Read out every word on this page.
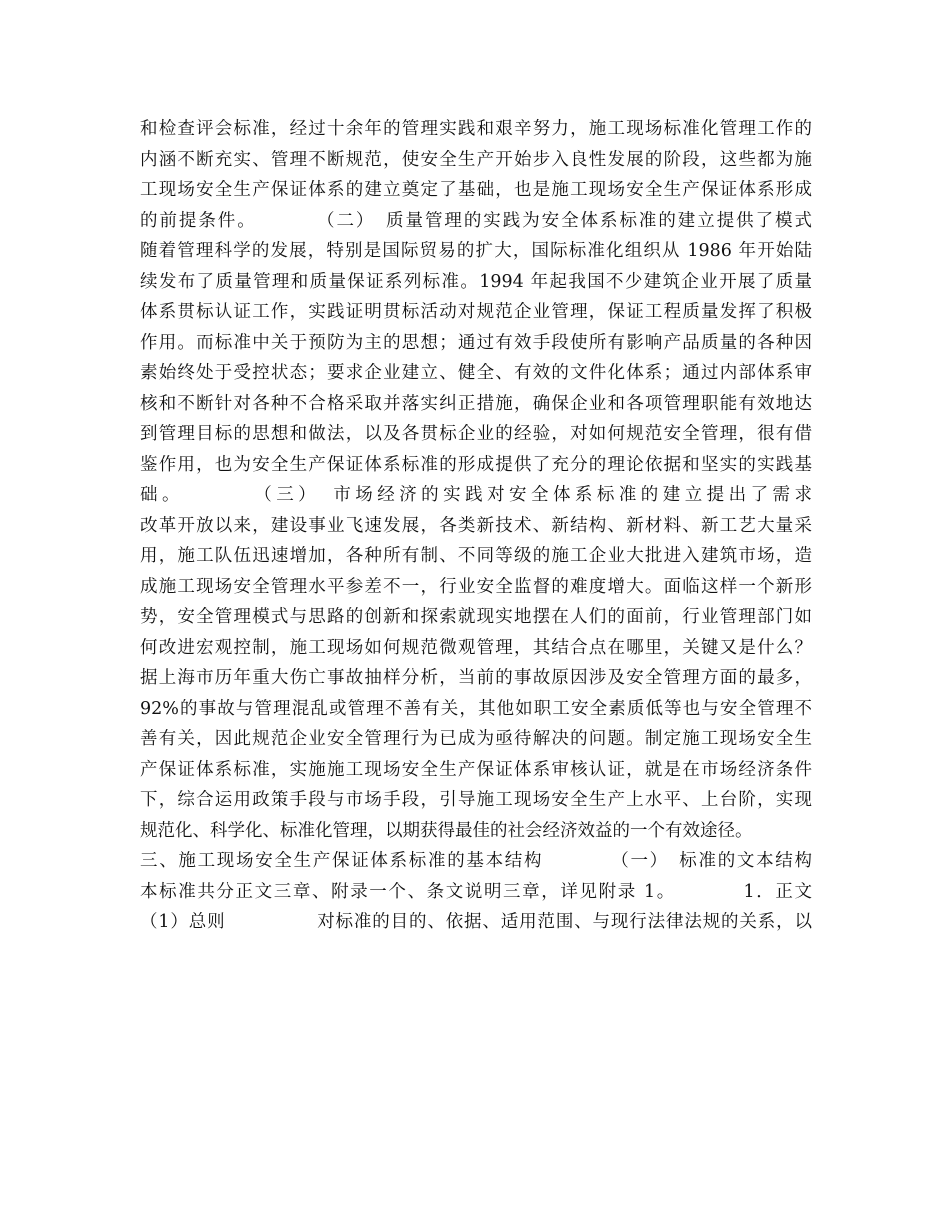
和检查评会标准，经过十余年的管理实践和艰辛努力，施工现场标准化管理工作的
内涵不断充实、管理不断规范，使安全生产开始步入良性发展的阶段，这些都为施
工现场安全生产保证体系的建立奠定了基础，也是施工现场安全生产保证体系形成
的前提条件。　　　　（二）　质量管理的实践为安全体系标准的建立提供了模式
随着管理科学的发展，特别是国际贸易的扩大，国际标准化组织从 1986 年开始陆
续发布了质量管理和质量保证系列标准。1994 年起我国不少建筑企业开展了质量
体系贯标认证工作，实践证明贯标活动对规范企业管理，保证工程质量发挥了积极
作用。而标准中关于预防为主的思想；通过有效手段使所有影响产品质量的各种因
素始终处于受控状态；要求企业建立、健全、有效的文件化体系；通过内部体系审
核和不断针对各种不合格采取并落实纠正措施，确保企业和各项管理职能有效地达
到管理目标的思想和做法，以及各贯标企业的经验，对如何规范安全管理，很有借
鉴作用，也为安全生产保证体系标准的形成提供了充分的理论依据和坚实的实践基
础。　　　　（三）　市场经济的实践对安全体系标准的建立提出了需求
改革开放以来，建设事业飞速发展，各类新技术、新结构、新材料、新工艺大量采
用，施工队伍迅速增加，各种所有制、不同等级的施工企业大批进入建筑市场，造
成施工现场安全管理水平参差不一，行业安全监督的难度增大。面临这样一个新形
势，安全管理模式与思路的创新和探索就现实地摆在人们的面前，行业管理部门如
何改进宏观控制，施工现场如何规范微观管理，其结合点在哪里，关键又是什么？
据上海市历年重大伤亡事故抽样分析，当前的事故原因涉及安全管理方面的最多，
92%的事故与管理混乱或管理不善有关，其他如职工安全素质低等也与安全管理不
善有关，因此规范企业安全管理行为已成为亟待解决的问题。制定施工现场安全生
产保证体系标准，实施施工现场安全生产保证体系审核认证，就是在市场经济条件
下，综合运用政策手段与市场手段，引导施工现场安全生产上水平、上台阶，实现
规范化、科学化、标准化管理，以期获得最佳的社会经济效益的一个有效途径。
三、施工现场安全生产保证体系标准的基本结构　　　　（一）　标准的文本结构
本标准共分正文三章、附录一个、条文说明三章，详见附录 1。　　　　1．正文
（1）总则　　　　　对标准的目的、依据、适用范围、与现行法律法规的关系，以
